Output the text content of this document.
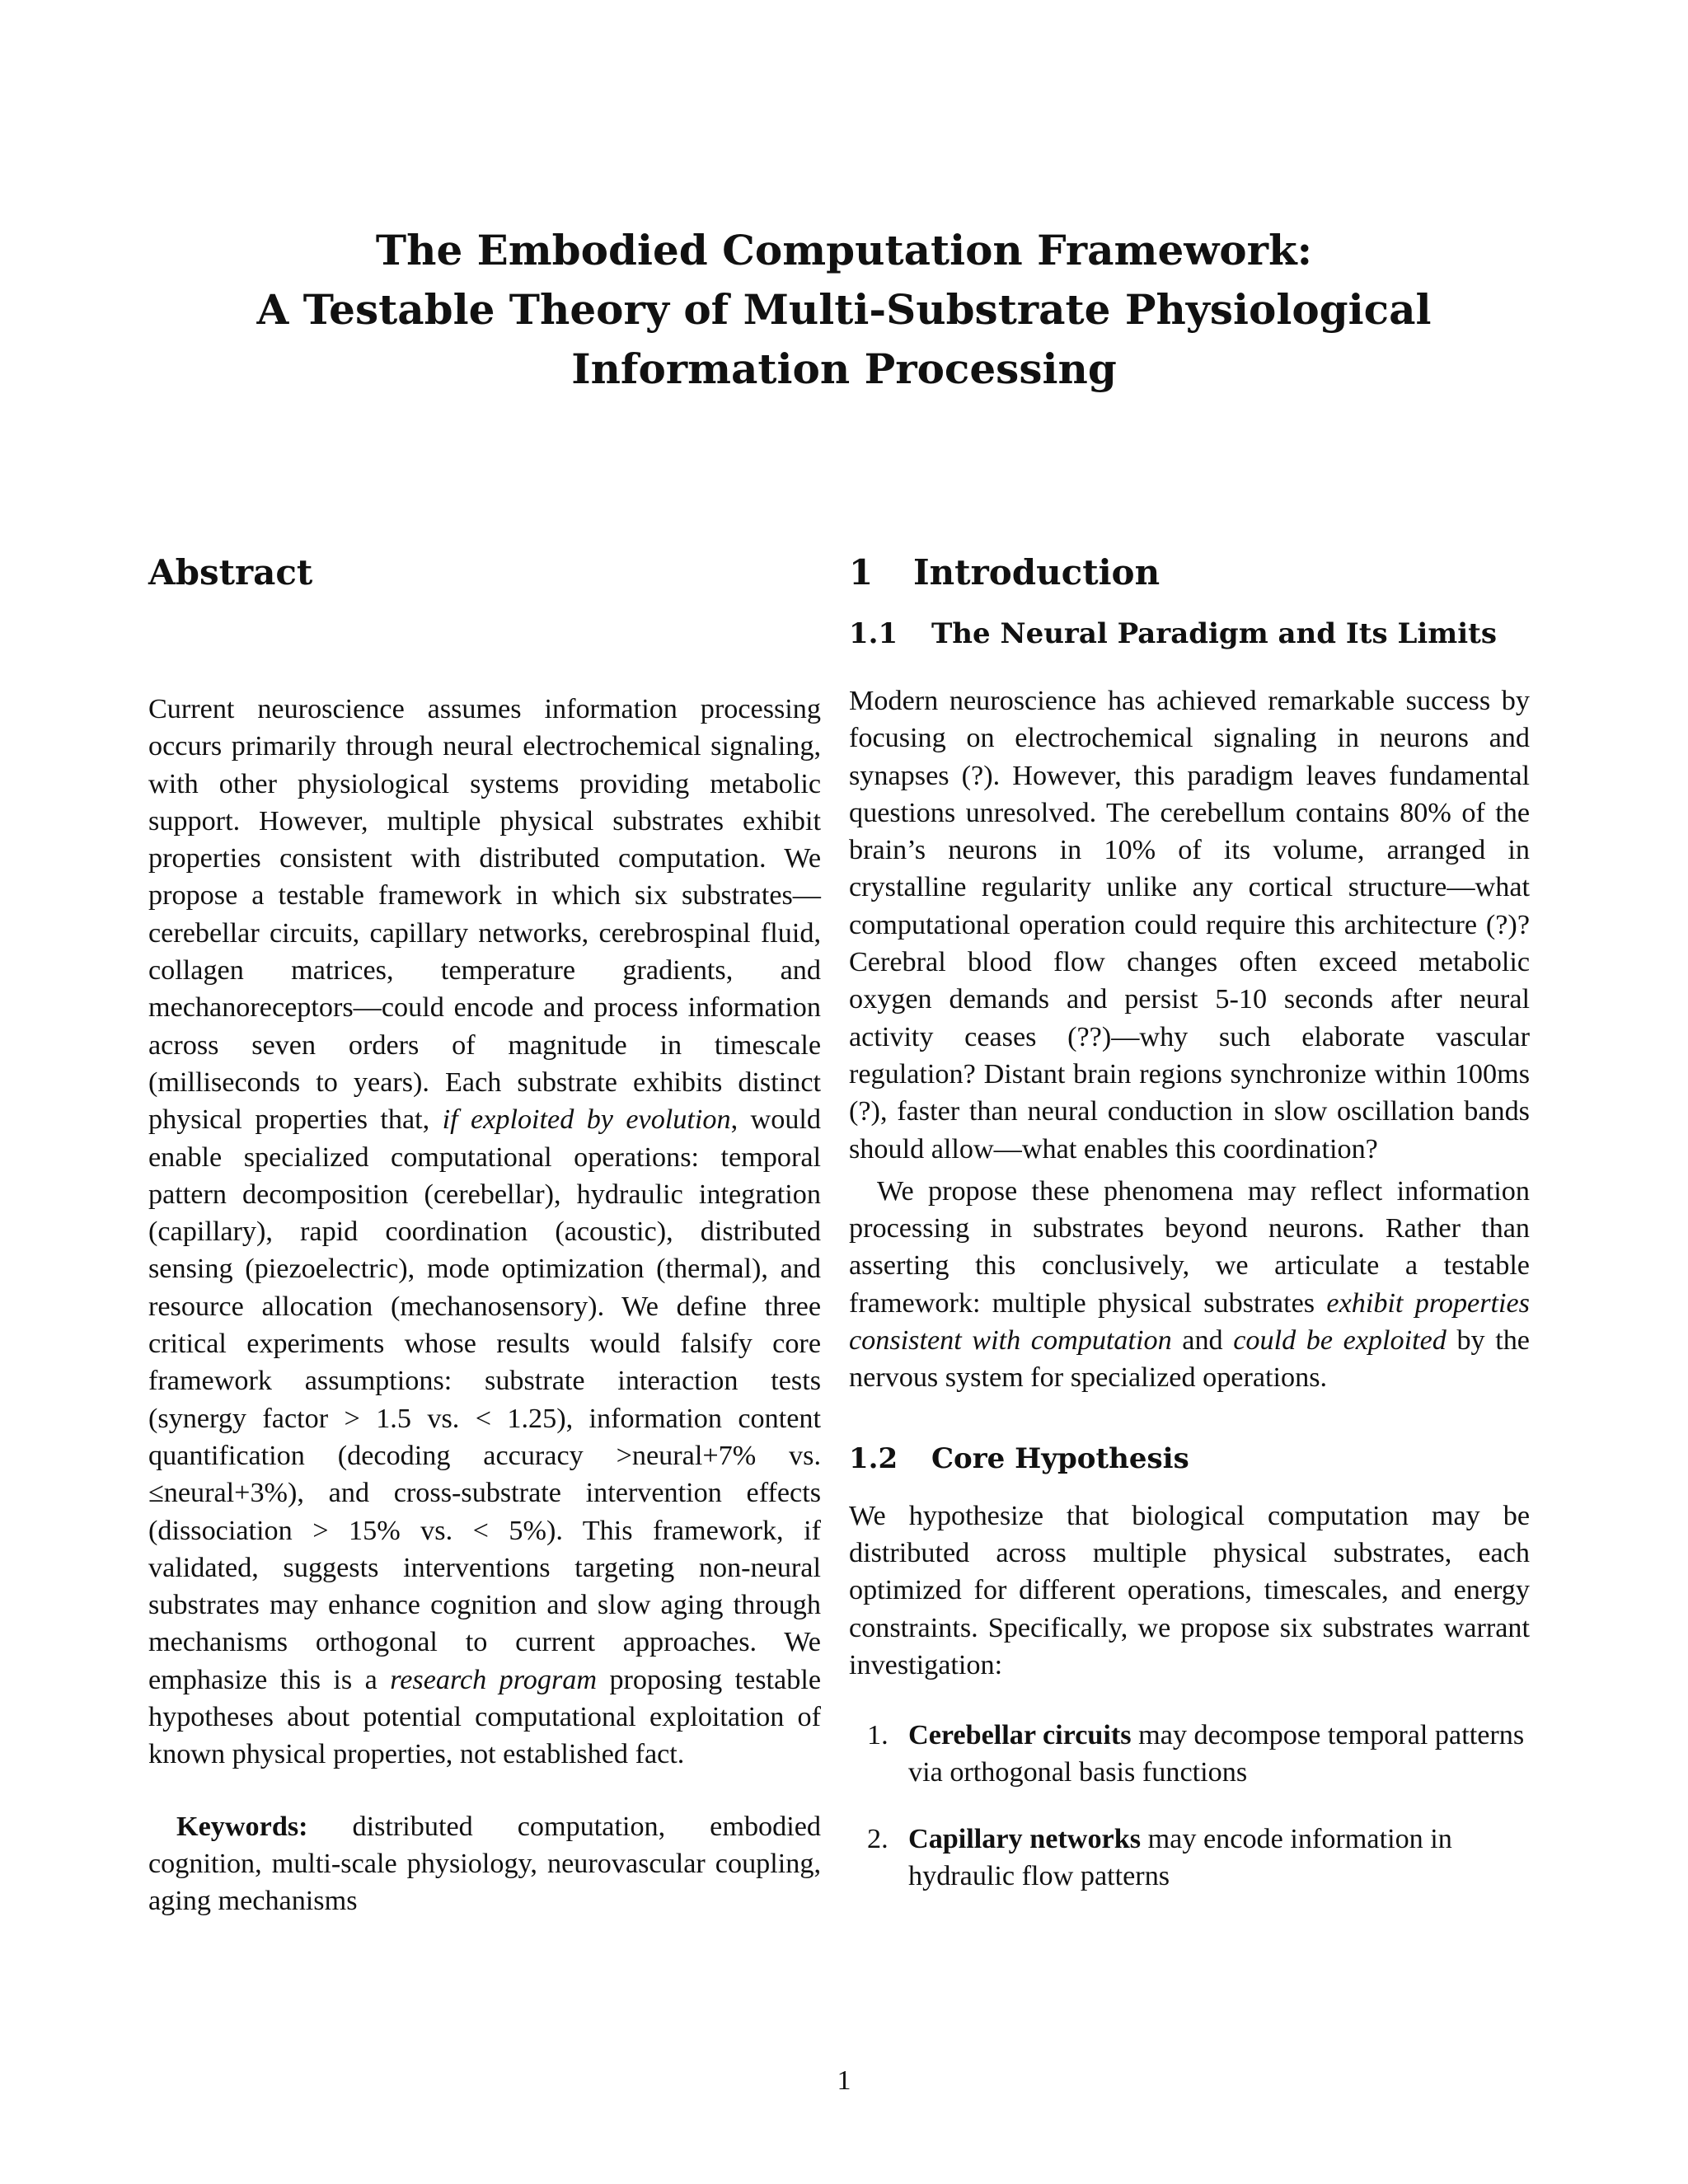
The Embodied Computation Framework:
A Testable Theory of Multi-Substrate Physiological
Information Processing
Abstract

Current neuroscience assumes information processing occurs primarily through neural electrochemical signaling, with other physiological systems providing metabolic support. However, multiple physical substrates exhibit properties consistent with distributed computation. We propose a testable framework in which six substrates—cerebellar circuits, capillary networks, cerebrospinal fluid, collagen matrices, temperature gradients, and mechanoreceptors—could encode and process information across seven orders of magnitude in timescale (milliseconds to years). Each substrate exhibits distinct physical properties that, if exploited by evolution, would enable specialized computational operations: temporal pattern decomposition (cerebellar), hydraulic integration (capillary), rapid coordination (acoustic), distributed sensing (piezoelectric), mode optimization (thermal), and resource allocation (mechanosensory). We define three critical experiments whose results would falsify core framework assumptions: substrate interaction tests (synergy factor > 1.5 vs. < 1.25), information content quantification (decoding accuracy >neural+7% vs. ≤neural+3%), and cross-substrate intervention effects (dissociation > 15% vs. < 5%). This framework, if validated, suggests interventions targeting non-neural substrates may enhance cognition and slow aging through mechanisms orthogonal to current approaches. We emphasize this is a research program proposing testable hypotheses about potential computational exploitation of known physical properties, not established fact.

Keywords: distributed computation, embodied cognition, multi-scale physiology, neurovascular coupling, aging mechanisms

1 Introduction
1.1 The Neural Paradigm and Its Limits

Modern neuroscience has achieved remarkable success by focusing on electrochemical signaling in neurons and synapses (?). However, this paradigm leaves fundamental questions unresolved. The cerebellum contains 80% of the brain’s neurons in 10% of its volume, arranged in crystalline regularity unlike any cortical structure—what computational operation could require this architecture (?)? Cerebral blood flow changes often exceed metabolic oxygen demands and persist 5-10 seconds after neural activity ceases (??)—why such elaborate vascular regulation? Distant brain regions synchronize within 100ms (?), faster than neural conduction in slow oscillation bands should allow—what enables this coordination?

We propose these phenomena may reflect information processing in substrates beyond neurons. Rather than asserting this conclusively, we articulate a testable framework: multiple physical substrates exhibit properties consistent with computation and could be exploited by the nervous system for specialized operations.

1.2 Core Hypothesis

We hypothesize that biological computation may be distributed across multiple physical substrates, each optimized for different operations, timescales, and energy constraints. Specifically, we propose six substrates warrant investigation:

1. Cerebellar circuits may decompose temporal patterns via orthogonal basis functions
2. Capillary networks may encode information in hydraulic flow patterns
1
